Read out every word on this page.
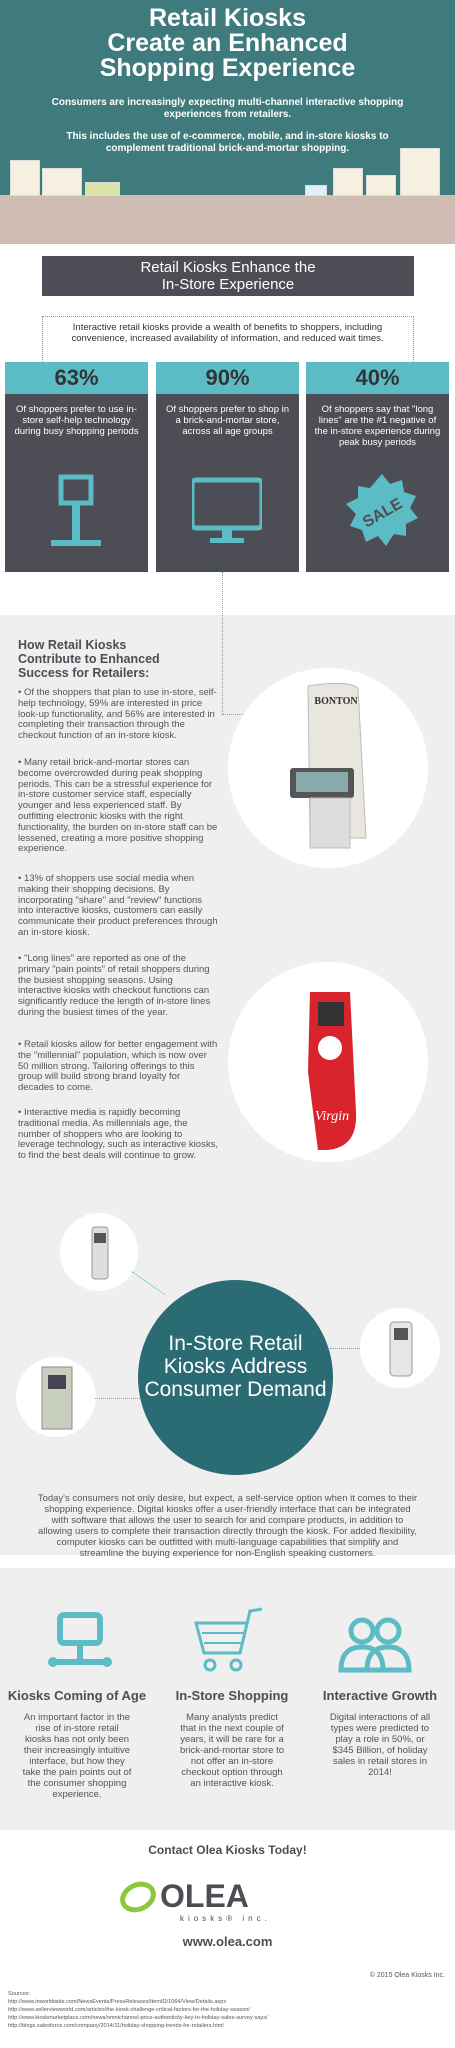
Retail Kiosks
Create an Enhanced
Shopping Experience

Consumers are increasingly expecting multi-channel interactive shopping experiences from retailers.

This includes the use of e-commerce, mobile, and in-store kiosks to complement traditional brick-and-mortar shopping.

Retail Kiosks Enhance the
In-Store Experience
Interactive retail kiosks provide a wealth of benefits to shoppers, including convenience, increased availability of information, and reduced wait times.
63%
Of shoppers prefer to use in-store self-help technology during busy shopping periods
90%
Of shoppers prefer to shop in a brick-and-mortar store, across all age groups
40%
Of shoppers say that "long lines" are the #1 negative of the in-store experience during peak busy periods
SALE
How Retail Kiosks Contribute to Enhanced Success for Retailers:
• Of the shoppers that plan to use in-store, self-help technology, 59% are interested in price look-up functionality, and 56% are interested in completing their transaction through the checkout function of an in-store kiosk.
• Many retail brick-and-mortar stores can become overcrowded during peak shopping periods. This can be a stressful experience for in-store customer service staff, especially younger and less experienced staff. By outfitting electronic kiosks with the right functionality, the burden on in-store staff can be lessened, creating a more positive shopping experience.
• 13% of shoppers use social media when making their shopping decisions. By incorporating "share" and "review" functions into interactive kiosks, customers can easily communicate their product preferences through an in-store kiosk.
• "Long lines" are reported as one of the primary "pain points" of retail shoppers during the busiest shopping seasons. Using interactive kiosks with checkout functions can significantly reduce the length of in-store lines during the busiest times of the year.
• Retail kiosks allow for better engagement with the "millennial" population, which is now over 50 million strong. Tailoring offerings to this group will build strong brand loyalty for decades to come.
• Interactive media is rapidly becoming traditional media. As millennials age, the number of shoppers who are looking to leverage technology, such as interactive kiosks, to find the best deals will continue to grow.
BONTON
Virgin
In-Store Retail Kiosks Address Consumer Demand
Today's consumers not only desire, but expect, a self-service option when it comes to their shopping experience. Digital kiosks offer a user-friendly interface that can be integrated with software that allows the user to search for and compare products, in addition to allowing users to complete their transaction directly through the kiosk. For added flexibility, computer kiosks can be outfitted with multi-language capabilities that simplify and streamline the buying experience for non-English speaking customers.
Kiosks Coming of Age

An important factor in the rise of in-store retail kiosks has not only been their increasingly intuitive interface, but how they take the pain points out of the consumer shopping experience.

In-Store Shopping

Many analysts predict that in the next couple of years, it will be rare for a brick-and-mortar store to not offer an in-store checkout option through an interactive kiosk.

Interactive Growth

Digital interactions of all types were predicted to play a role in 50%, or $345 Billion, of holiday sales in retail stores in 2014!

Contact Olea Kiosks Today!
OLEA
kiosks® inc.
www.olea.com
© 2015 Olea Kiosks Inc.
Sources:
http://www.inworldwide.com/NewsEvents/PressReleases/ItemID/1064/View/Details.aspx
http://www.sellerviewworld.com/articles/the-kiosk-challenge-critical-factors-for-the-holiday-season/
http://www.kioskmarketplace.com/news/omnichannel-price-authenticity-key-to-holiday-sales-survey-says/
http://blogs.salesforce.com/company/2014/11/holiday-shopping-trends-for-retailers.html
